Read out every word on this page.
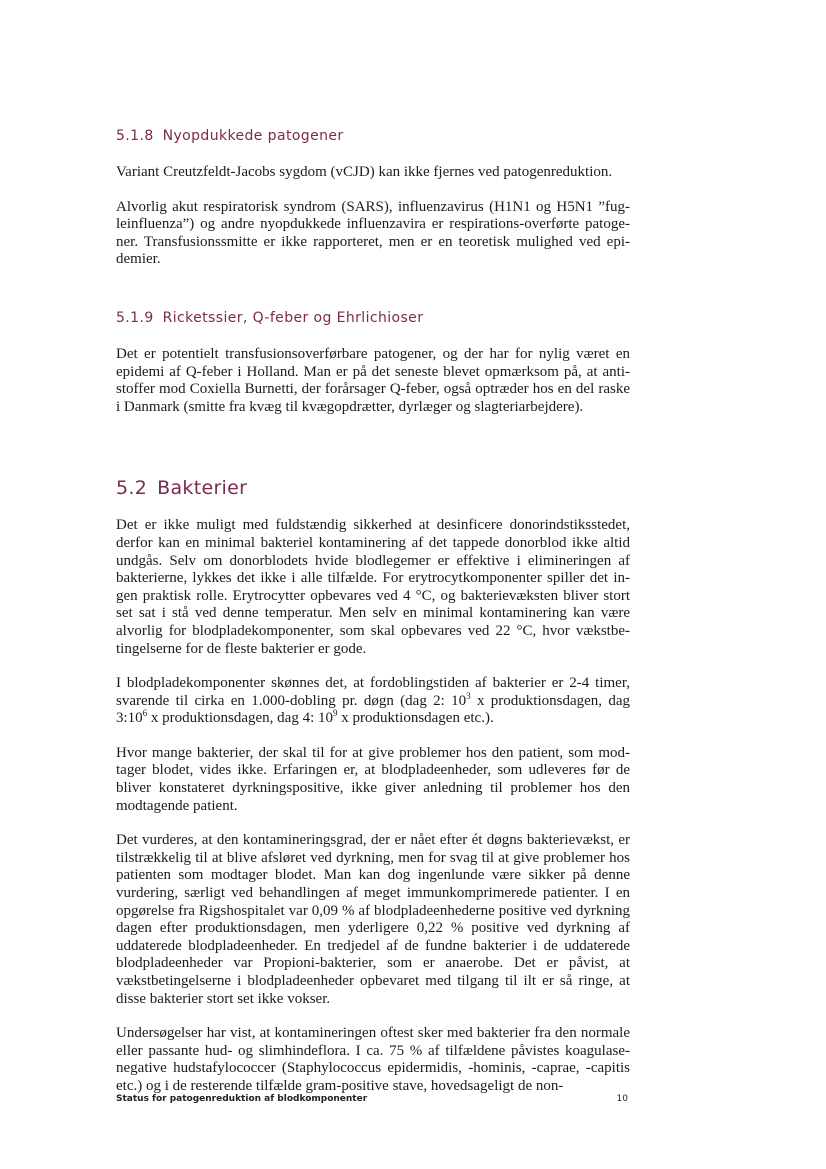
5.1.8 Nyopdukkede patogener

Variant Creutzfeldt-Jacobs sygdom (vCJD) kan ikke fjernes ved patogenreduktion.

Alvorlig akut respiratorisk syndrom (SARS), influenzavirus (H1N1 og H5N1 ”fugleinfluenza”) og andre nyopdukkede influenzavira er respirations-overførte patogener. Transfusionssmitte er ikke rapporteret, men er en teoretisk mulighed ved epidemier.

5.1.9 Ricketssier, Q-feber og Ehrlichioser

Det er potentielt transfusionsoverførbare patogener, og der har for nylig været en epidemi af Q-feber i Holland. Man er på det seneste blevet opmærksom på, at antistoffer mod Coxiella Burnetti, der forårsager Q-feber, også optræder hos en del raske i Danmark (smitte fra kvæg til kvægopdrætter, dyrlæger og slagteriarbejdere).

5.2 Bakterier

Det er ikke muligt med fuldstændig sikkerhed at desinficere donorindstiksstedet, derfor kan en minimal bakteriel kontaminering af det tappede donorblod ikke altid undgås. Selv om donorblodets hvide blodlegemer er effektive i elimineringen af bakterierne, lykkes det ikke i alle tilfælde. For erytrocytkomponenter spiller det ingen praktisk rolle. Erytrocytter opbevares ved 4 °C, og bakterievæksten bliver stort set sat i stå ved denne temperatur. Men selv en minimal kontaminering kan være alvorlig for blodpladekomponenter, som skal opbevares ved 22 °C, hvor vækstbetingelserne for de fleste bakterier er gode.

I blodpladekomponenter skønnes det, at fordoblingstiden af bakterier er 2-4 timer, svarende til cirka en 1.000-dobling pr. døgn (dag 2: $10^3$ x produktionsdagen, dag $3:10^6$ x produktionsdagen, dag 4: $10^9$ x produktionsdagen etc.).

Hvor mange bakterier, der skal til for at give problemer hos den patient, som modtager blodet, vides ikke. Erfaringen er, at blodpladeenheder, som udleveres før de bliver konstateret dyrkningspositive, ikke giver anledning til problemer hos den modtagende patient.

Det vurderes, at den kontamineringsgrad, der er nået efter ét døgns bakterievækst, er tilstrækkelig til at blive afsløret ved dyrkning, men for svag til at give problemer hos patienten som modtager blodet. Man kan dog ingenlunde være sikker på denne vurdering, særligt ved behandlingen af meget immunkomprimerede patienter. I en opgørelse fra Rigshospitalet var 0,09 % af blodpladeenhederne positive ved dyrkning dagen efter produktionsdagen, men yderligere 0,22 % positive ved dyrkning af uddaterede blodpladeenheder. En tredjedel af de fundne bakterier i de uddaterede blodpladeenheder var Propioni-bakterier, som er anaerobe. Det er påvist, at vækstbetingelserne i blodpladeenheder opbevaret med tilgang til ilt er så ringe, at disse bakterier stort set ikke vokser.

Undersøgelser har vist, at kontamineringen oftest sker med bakterier fra den normale eller passante hud- og slimhindeflora. I ca. 75 % af tilfældene påvistes koagulase-negative hudstafylococcer (Staphylococcus epidermidis, -hominis, -caprae, -capitis etc.) og i de resterende tilfælde gram-positive stave, hovedsageligt de non-

Status for patogenreduktion af blodkomponenter	10
